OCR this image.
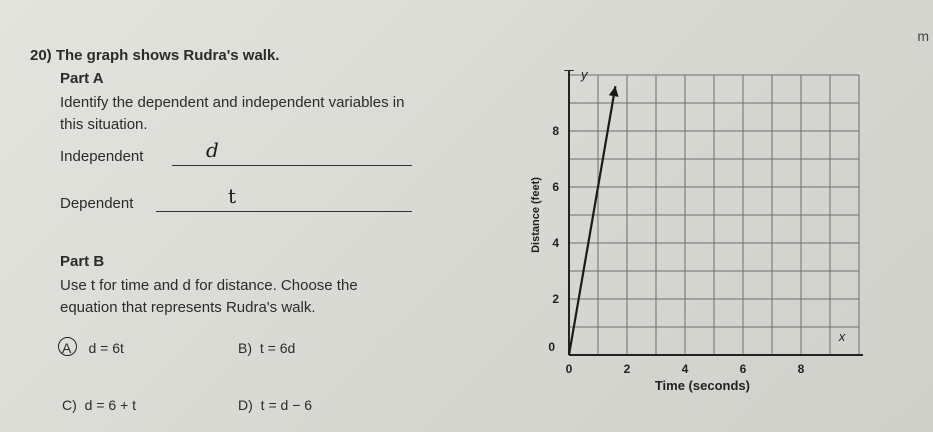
m
20) The graph shows Rudra's walk.
Part A
Identify the dependent and independent variables in
this situation.
Independent	d
Dependent	t
Part B
Use t for time and d for distance. Choose the
equation that represents Rudra's walk.
A d = 6t	B) t = 6d
C) d = 6 + t	D) t = d − 6
0	2	4	6	8
0
2
4
6
8
y
x
Time (seconds)
Distance (feet)
